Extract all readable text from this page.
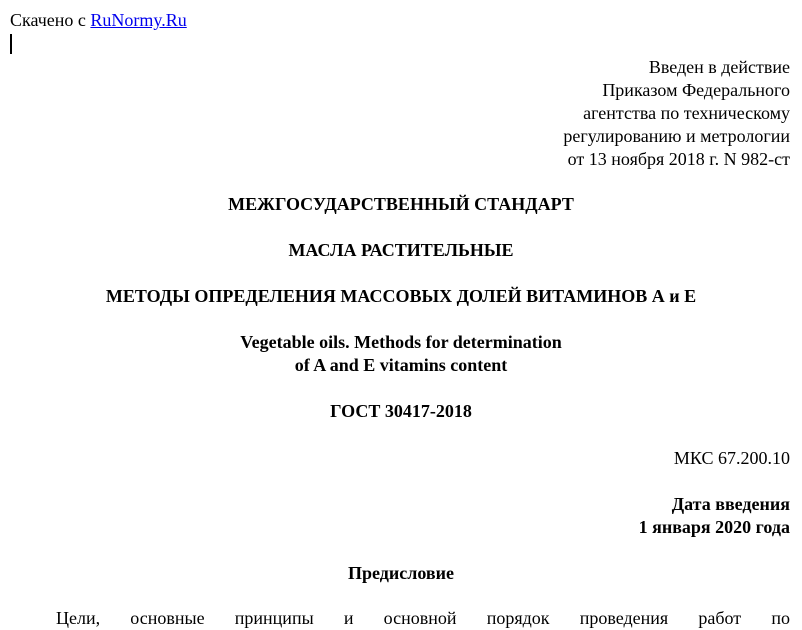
Скачено с RuNormy.Ru
Введен в действие
Приказом Федерального
агентства по техническому
регулированию и метрологии
от 13 ноября 2018 г. N 982-ст
МЕЖГОСУДАРСТВЕННЫЙ СТАНДАРТ
МАСЛА РАСТИТЕЛЬНЫЕ
МЕТОДЫ ОПРЕДЕЛЕНИЯ МАССОВЫХ ДОЛЕЙ ВИТАМИНОВ А и Е
Vegetable oils. Methods for determination
of A and E vitamins content
ГОСТ 30417-2018
МКС 67.200.10
Дата введения
1 января 2020 года
Предисловие
Цели, основные принципы и основной порядок проведения работ по
